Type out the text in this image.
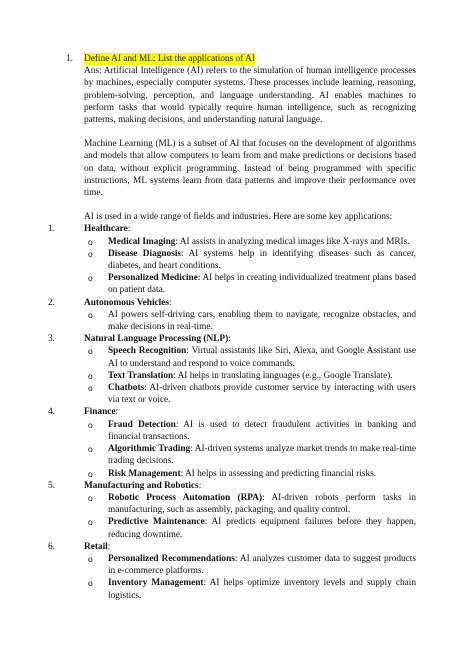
1.	Define AI and ML: List the applications of AI

Ans: Artificial Intelligence (AI) refers to the simulation of human intelligence processes by machines, especially computer systems. These processes include learning, reasoning, problem-solving, perception, and language understanding. AI enables machines to perform tasks that would typically require human intelligence, such as recognizing patterns, making decisions, and understanding natural language.

Machine Learning (ML) is a subset of AI that focuses on the development of algorithms and models that allow computers to learn from and make predictions or decisions based on data, without explicit programming. Instead of being programmed with specific instructions, ML systems learn from data patterns and improve their performance over time.

AI is used in a wide range of fields and industries. Here are some key applications:

1.	Healthcare:
o	Medical Imaging: AI assists in analyzing medical images like X-rays and MRIs.
o	Disease Diagnosis: AI systems help in identifying diseases such as cancer, diabetes, and heart conditions.
o	Personalized Medicine: AI helps in creating individualized treatment plans based on patient data.
2.	Autonomous Vehicles:
o	AI powers self-driving cars, enabling them to navigate, recognize obstacles, and make decisions in real-time.
3.	Natural Language Processing (NLP):
o	Speech Recognition: Virtual assistants like Siri, Alexa, and Google Assistant use AI to understand and respond to voice commands.
o	Text Translation: AI helps in translating languages (e.g., Google Translate).
o	Chatbots: AI-driven chatbots provide customer service by interacting with users via text or voice.
4.	Finance:
o	Fraud Detection: AI is used to detect fraudulent activities in banking and financial transactions.
o	Algorithmic Trading: AI-driven systems analyze market trends to make real-time trading decisions.
o	Risk Management: AI helps in assessing and predicting financial risks.
5.	Manufacturing and Robotics:
o	Robotic Process Automation (RPA): AI-driven robots perform tasks in manufacturing, such as assembly, packaging, and quality control.
o	Predictive Maintenance: AI predicts equipment failures before they happen, reducing downtime.
6.	Retail:
o	Personalized Recommendations: AI analyzes customer data to suggest products in e-commerce platforms.
o	Inventory Management: AI helps optimize inventory levels and supply chain logistics.
